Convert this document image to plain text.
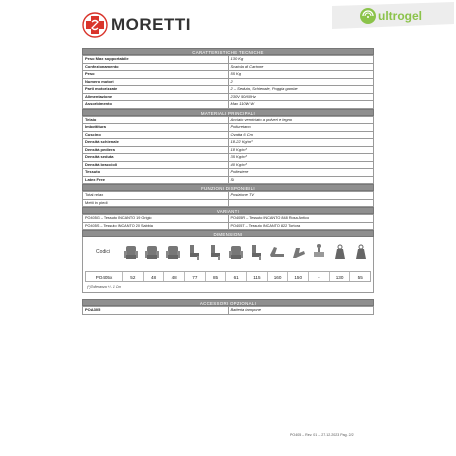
MORETTI	ultrogel
CARATTERISTICHE TECNICHE
Peso Max sopportabile	130 Kg
Confezionamento	Scatola di Cartone
Peso	55 Kg
Numero motori	2
Parti motorizzate	2 – Seduta, Schienale, Poggia gambe
Alimentazione	230V 50/60Hz
Assorbimento	Max 110W W
MATERIALI PRINCIPALI
Telaio	Acciaio verniciato a polveri e legno
Imbottitura	Poliuretano
Cuscino	Ovatta 6 Cm
Densità schienale	18-22 Kg/m³
Densità pediera	18 Kg/m³
Densità seduta	35 Kg/m³
Densità braccioli	40 Kg/m³
Tessuto	Poliestere
Latex Free	Sì
FUNZIONI DISPONIBILI
Total relax	Posizione TV
Metti in piedi	
VARIANTI
PO405G – Tessuto INCANTO 19 Grigio	PO405R – Tessuto INCANTO 848 Rosa Antico
PO405S – Tessuto INCANTO 20 Sabbia	PO405T – Tessuto INCANTO 822 Tortora
DIMENSIONI
Codici
PO405x	52	48	48	77	85	61	115	160	150	-	130	55
(*)Tolleranza +/- 1 Cm
ACCESSORI OPZIONALI
POA305	Batteria tampone
PO405 – Rev. 01 – 27.12.2023 Pag. 2/2
